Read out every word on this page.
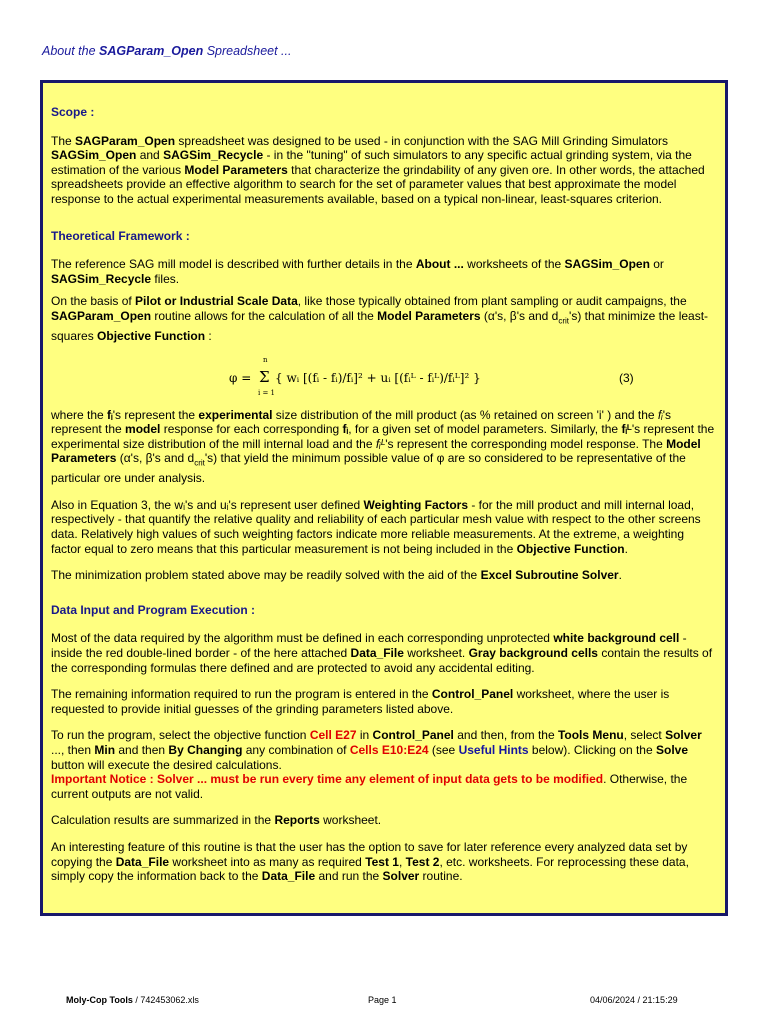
About the SAGParam_Open Spreadsheet ...

Scope :

The SAGParam_Open spreadsheet was designed to be used - in conjunction with the SAG Mill Grinding Simulators SAGSim_Open and SAGSim_Recycle - in the "tuning" of such simulators to any specific actual grinding system, via the estimation of the various Model Parameters that characterize the grindability of any given ore. In other words, the attached spreadsheets provide an effective algorithm to search for the set of parameter values that best approximate the model response to the actual experimental measurements available, based on a typical non-linear, least-squares criterion.

Theoretical Framework :

The reference SAG mill model is described with further details in the About ... worksheets of the SAGSim_Open or SAGSim_Recycle files.

On the basis of Pilot or Industrial Scale Data, like those typically obtained from plant sampling or audit campaigns, the SAGParam_Open routine allows for the calculation of all the Model Parameters (α's, β's and $d_{crit}'s$) that minimize the least-squares Objective Function :

φ =
n
Σ
i = 1
{ wᵢ [(fᵢ - fᵢ)/fᵢ]² + uᵢ [(fᵢᴸ - fᵢᴸ)/fᵢᴸ]² }	(3)

where the fᵢ's represent the experimental size distribution of the mill product (as % retained on screen 'i' ) and the fᵢ's represent the model response for each corresponding fᵢ, for a given set of model parameters. Similarly, the fᵢᴸ's represent the experimental size distribution of the mill internal load and the fᵢᴸ's represent the corresponding model response. The Model Parameters (α's, β's and $d_{crit}'s$) that yield the minimum possible value of φ are so considered to be representative of the particular ore under analysis.

Also in Equation 3, the wᵢ's and uᵢ's represent user defined Weighting Factors - for the mill product and mill internal load, respectively - that quantify the relative quality and reliability of each particular mesh value with respect to the other screens data. Relatively high values of such weighting factors indicate more reliable measurements. At the extreme, a weighting factor equal to zero means that this particular measurement is not being included in the Objective Function.

The minimization problem stated above may be readily solved with the aid of the Excel Subroutine Solver.

Data Input and Program Execution :

Most of the data required by the algorithm must be defined in each corresponding unprotected white background cell - inside the red double-lined border - of the here attached Data_File worksheet. Gray background cells contain the results of the corresponding formulas there defined and are protected to avoid any accidental editing.

The remaining information required to run the program is entered in the Control_Panel worksheet, where the user is requested to provide initial guesses of the grinding parameters listed above.

To run the program, select the objective function Cell E27 in Control_Panel and then, from the Tools Menu, select Solver ..., then Min and then By Changing any combination of Cells E10:E24 (see Useful Hints below). Clicking on the Solve button will execute the desired calculations.
Important Notice : Solver ... must be run every time any element of input data gets to be modified. Otherwise, the current outputs are not valid.

Calculation results are summarized in the Reports worksheet.

An interesting feature of this routine is that the user has the option to save for later reference every analyzed data set by copying the Data_File worksheet into as many as required Test 1, Test 2, etc. worksheets. For reprocessing these data, simply copy the information back to the Data_File and run the Solver routine.

Moly-Cop Tools / 742453062.xls	Page 1	04/06/2024 / 21:15:29
